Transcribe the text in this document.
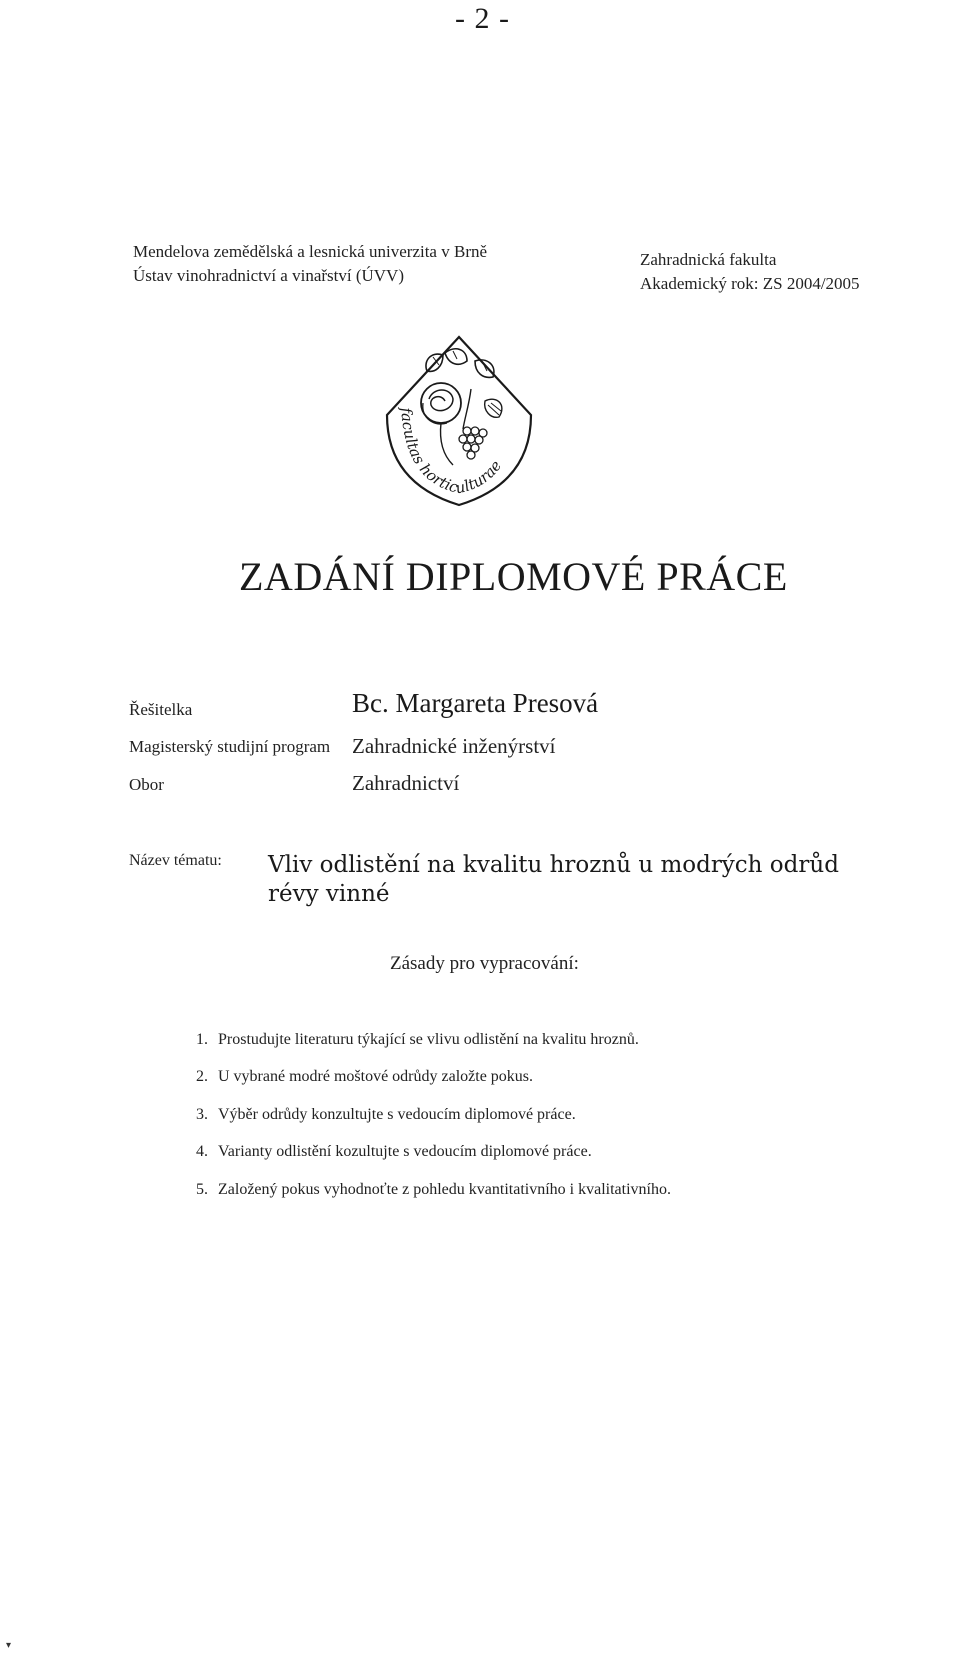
- 2 -
Mendelova zemědělská a lesnická univerzita v Brně
Ústav vinohradnictví a vinařství (ÚVV)
Zahradnická fakulta
Akademický rok: ZS 2004/2005
facultas horticulturae
ZADÁNÍ DIPLOMOVÉ PRÁCE
Řešitelka	Bc. Margareta Presová
Magisterský studijní program Zahradnické inženýrství
Obor	Zahradnictví
Název tématu: Vliv odlistění na kvalitu hroznů u modrých odrůd révy vinné
Zásady pro vypracování:
1. Prostudujte literaturu týkající se vlivu odlistění na kvalitu hroznů.
2. U vybrané modré moštové odrůdy založte pokus.
3. Výběr odrůdy konzultujte s vedoucím diplomové práce.
4. Varianty odlistění kozultujte s vedoucím diplomové práce.
5. Založený pokus vyhodnoťte z pohledu kvantitativního i kvalitativního.
▾
